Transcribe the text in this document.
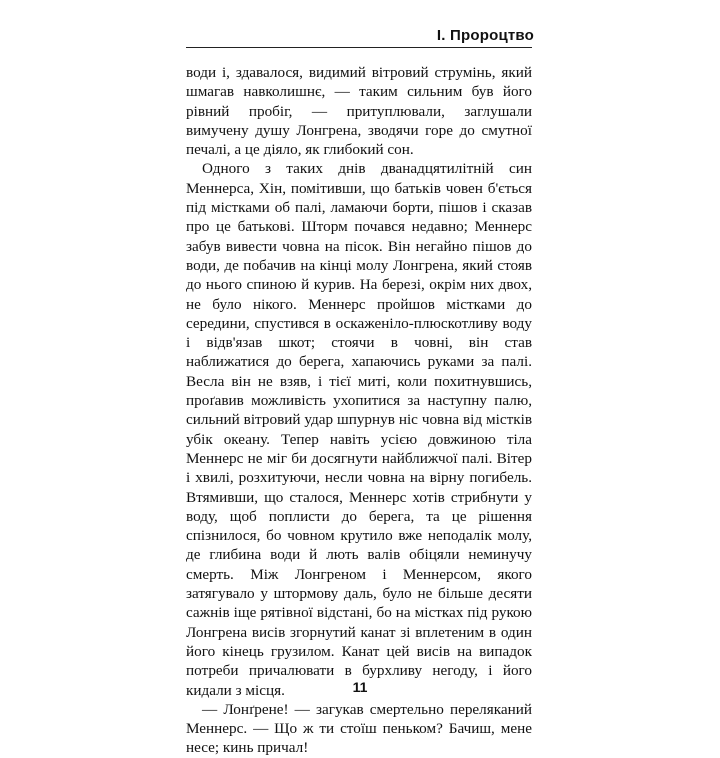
I. Пророцтво

води і, здавалося, видимий вітровий струмінь, який шмагав навколишнє, — таким сильним був його рівний пробіг, — притуплювали, заглушали вимучену душу Лонгрена, зводячи горе до смутної печалі, а це діяло, як глибокий сон.

Одного з таких днів дванадцятилітній син Меннерса, Хін, помітивши, що батьків човен б'ється під містками об палі, ламаючи борти, пішов і сказав про це батькові. Шторм почався недавно; Меннерс забув вивести човна на пісок. Він негайно пішов до води, де побачив на кінці молу Лонгрена, який стояв до нього спиною й курив. На березі, окрім них двох, не було нікого. Меннерс пройшов містками до середини, спустився в оскаженіло-плюскотливу воду і відв'язав шкот; стоячи в човні, він став наближатися до берега, хапаючись руками за палі. Весла він не взяв, і тієї миті, коли похитнувшись, проґавив можливість ухопитися за наступну палю, сильний вітровий удар шпурнув ніс човна від містків убік океану. Тепер навіть усією довжиною тіла Меннерс не міг би досягнути найближчої палі. Вітер і хвилі, розхитуючи, несли човна на вірну погибель. Втямивши, що сталося, Меннерс хотів стрибнути у воду, щоб поплисти до берега, та це рішення спізнилося, бо човном крутило вже неподалік молу, де глибина води й лють валів обіцяли неминучу смерть. Між Лонгреном і Меннерсом, якого затягувало у штормову даль, було не більше десяти сажнів іще рятівної відстані, бо на містках під рукою Лонгрена висів згорнутий канат зі вплетеним в один його кінець грузилом. Канат цей висів на випадок потреби причалювати в бурхливу негоду, і його кидали з місця.

— Лонґрене! — загукав смертельно переляканий Меннерс. — Що ж ти стоїш пеньком? Бачиш, мене несе; кинь причал!

11
